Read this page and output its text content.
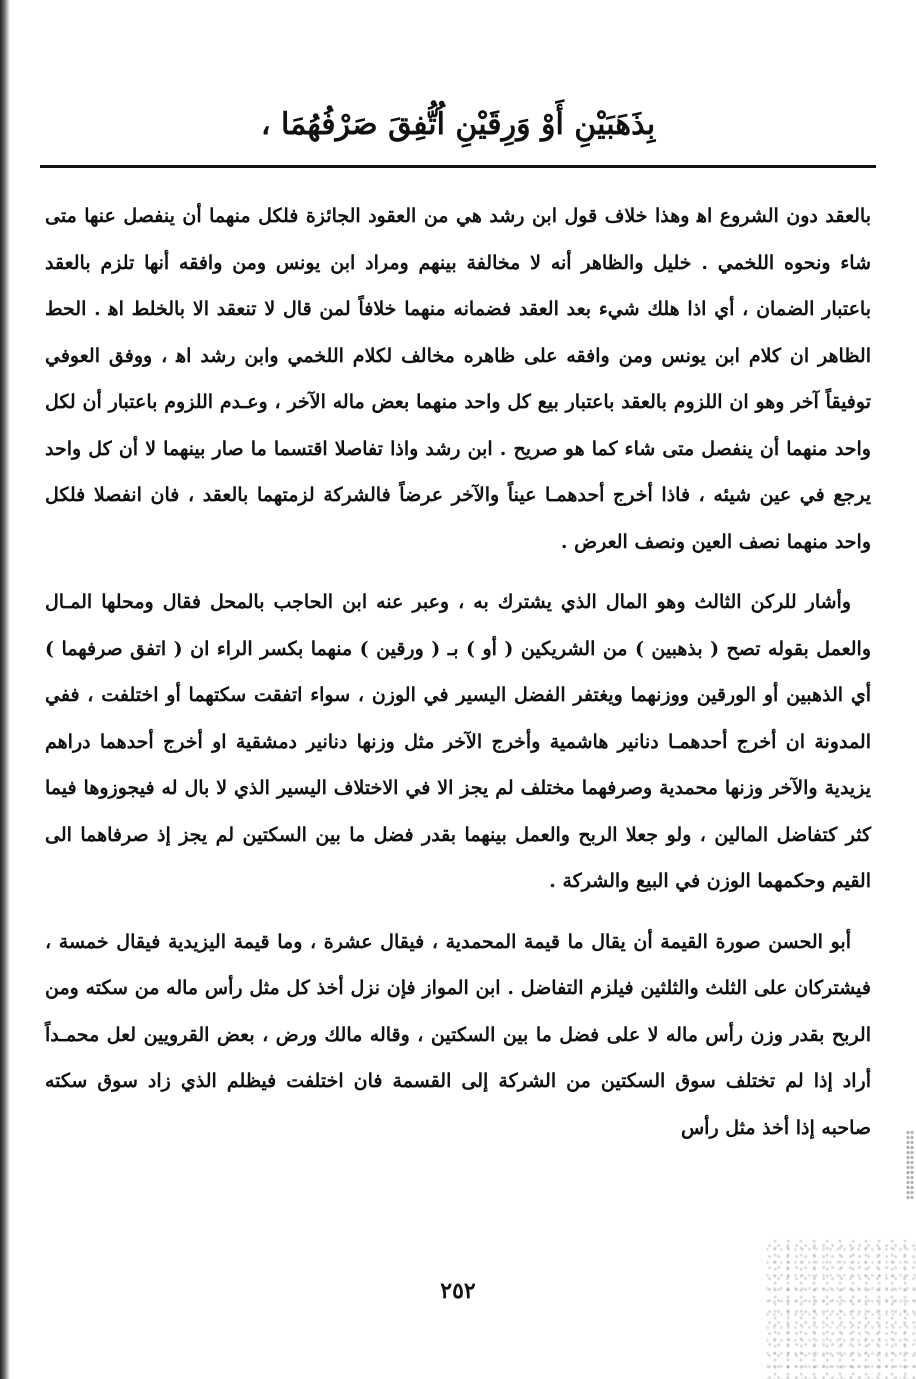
بِذَهَبَيْنِ أَوْ وَرِقَيْنِ اُتُّفِقَ صَرْفُهُمَا ،

بالعقد دون الشروع اه‍ وهذا خلاف قول ابن رشد هي من العقود الجائزة فلكل منهما أن ينفصل عنها متى شاء ونحوه اللخمي . خليل والظاهر أنه لا مخالفة بينهم ومراد ابن يونس ومن وافقه أنها تلزم بالعقد باعتبار الضمان ، أي اذا هلك شيء بعد العقد فضمانه منهما خلافاً لمن قال لا تنعقد الا بالخلط اه‍ . الحط الظاهر ان كلام ابن يونس ومن وافقه على ظاهره مخالف لكلام اللخمي وابن رشد اه‍ ، ووفق العوفي توفيقاً آخر وهو ان اللزوم بالعقد باعتبار بيع كل واحد منهما بعض ماله الآخر ، وعـدم اللزوم باعتبار أن لكل واحد منهما أن ينفصل متى شاء كما هو صريح . ابن رشد واذا تفاصلا اقتسما ما صار بينهما لا أن كل واحد يرجع في عين شيئه ، فاذا أخرج أحدهمـا عيناً والآخر عرضاً فالشركة لزمتهما بالعقد ، فان انفصلا فلكل واحد منهما نصف العين ونصف العرض .

وأشار للركن الثالث وهو المال الذي يشترك به ، وعبر عنه ابن الحاجب بالمحل فقال ومحلها المـال والعمل بقوله تصح ( بذهبين ) من الشريكين ( أو ) بـ ( ورقين ) منهما بكسر الراء ان ( اتفق صرفهما ) أي الذهبين أو الورقين ووزنهما ويغتفر الفضل اليسير في الوزن ، سواء اتفقت سكتهما أو اختلفت ، ففي المدونة ان أخرج أحدهمـا دنانير هاشمية وأخرج الآخر مثل وزنها دنانير دمشقية او أخرج أحدهما دراهم يزيدية والآخر وزنها محمدية وصرفهما مختلف لم يجز الا في الاختلاف اليسير الذي لا بال له فيجوزوها فيما كثر كتفاضل المالين ، ولو جعلا الربح والعمل بينهما بقدر فضل ما بين السكتين لم يجز إذ صرفاهما الى القيم وحكمهما الوزن في البيع والشركة .

أبو الحسن صورة القيمة أن يقال ما قيمة المحمدية ، فيقال عشرة ، وما قيمة اليزيدية فيقال خمسة ، فيشتركان على الثلث والثلثين فيلزم التفاضل . ابن المواز فإن نزل أخذ كل مثل رأس ماله من سكته ومن الربح بقدر وزن رأس ماله لا على فضل ما بين السكتين ، وقاله مالك ورض ، بعض القرويين لعل محمـداً أراد إذا لم تختلف سوق السكتين من الشركة إلى القسمة فان اختلفت فيظلم الذي زاد سوق سكته صاحبه إذا أخذ مثل رأس

٢٥٢
